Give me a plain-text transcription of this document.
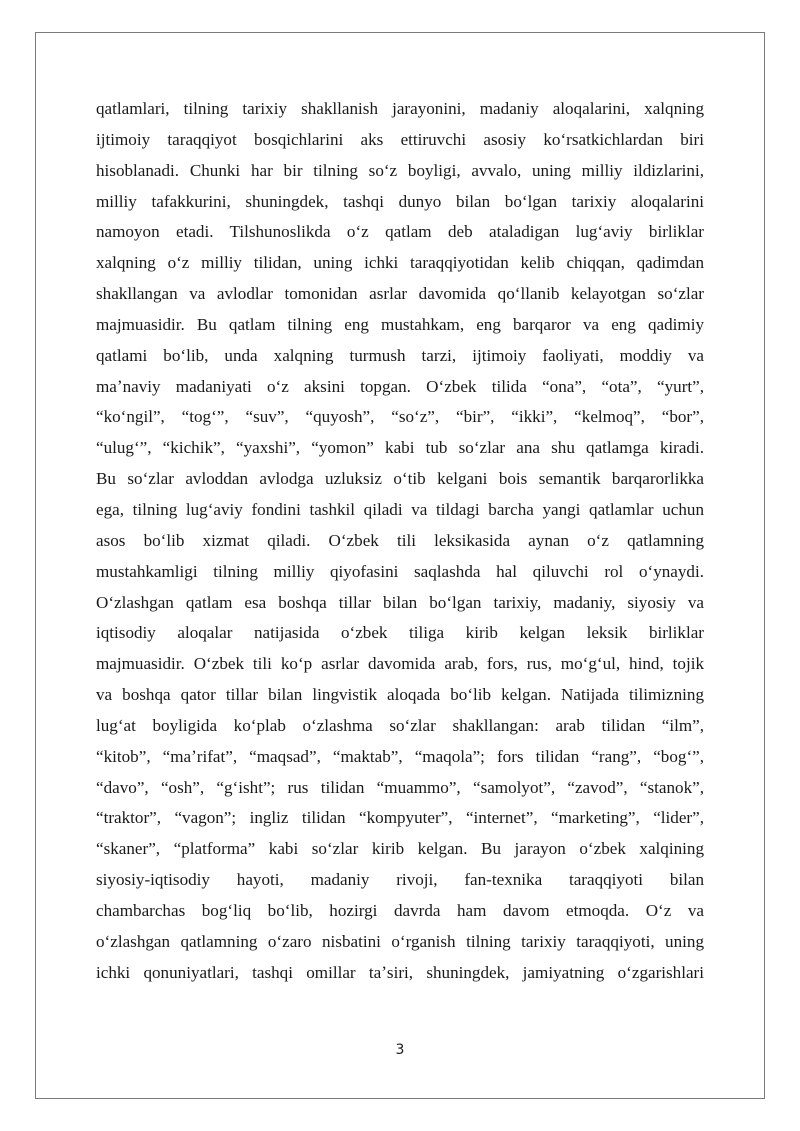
qatlamlari, tilning tarixiy shakllanish jarayonini, madaniy aloqalarini, xalqning
ijtimoiy taraqqiyot bosqichlarini aks ettiruvchi asosiy koʻrsatkichlardan biri
hisoblanadi. Chunki har bir tilning soʻz boyligi, avvalo, uning milliy ildizlarini,
milliy tafakkurini, shuningdek, tashqi dunyo bilan boʻlgan tarixiy aloqalarini
namoyon etadi. Tilshunoslikda oʻz qatlam deb ataladigan lugʻaviy birliklar
xalqning oʻz milliy tilidan, uning ichki taraqqiyotidan kelib chiqqan, qadimdan
shakllangan va avlodlar tomonidan asrlar davomida qoʻllanib kelayotgan soʻzlar
majmuasidir. Bu qatlam tilning eng mustahkam, eng barqaror va eng qadimiy
qatlami boʻlib, unda xalqning turmush tarzi, ijtimoiy faoliyati, moddiy va
maʼnaviy madaniyati oʻz aksini topgan. Oʻzbek tilida “ona”, “ota”, “yurt”,
“koʻngil”, “togʻ”, “suv”, “quyosh”, “soʻz”, “bir”, “ikki”, “kelmoq”, “bor”,
“ulugʻ”, “kichik”, “yaxshi”, “yomon” kabi tub soʻzlar ana shu qatlamga kiradi.
Bu soʻzlar avloddan avlodga uzluksiz oʻtib kelgani bois semantik barqarorlikka
ega, tilning lugʻaviy fondini tashkil qiladi va tildagi barcha yangi qatlamlar uchun
asos boʻlib xizmat qiladi. Oʻzbek tili leksikasida aynan oʻz qatlamning
mustahkamligi tilning milliy qiyofasini saqlashda hal qiluvchi rol oʻynaydi.
Oʻzlashgan qatlam esa boshqa tillar bilan boʻlgan tarixiy, madaniy, siyosiy va
iqtisodiy aloqalar natijasida oʻzbek tiliga kirib kelgan leksik birliklar
majmuasidir. Oʻzbek tili koʻp asrlar davomida arab, fors, rus, moʻgʻul, hind, tojik
va boshqa qator tillar bilan lingvistik aloqada boʻlib kelgan. Natijada tilimizning
lugʻat boyligida koʻplab oʻzlashma soʻzlar shakllangan: arab tilidan “ilm”,
“kitob”, “maʼrifat”, “maqsad”, “maktab”, “maqola”; fors tilidan “rang”, “bogʻ”,
“davo”, “osh”, “gʻisht”; rus tilidan “muammo”, “samolyot”, “zavod”, “stanok”,
“traktor”, “vagon”; ingliz tilidan “kompyuter”, “internet”, “marketing”, “lider”,
“skaner”, “platforma” kabi soʻzlar kirib kelgan. Bu jarayon oʻzbek xalqining
siyosiy-iqtisodiy hayoti, madaniy rivoji, fan-texnika taraqqiyoti bilan
chambarchas bogʻliq boʻlib, hozirgi davrda ham davom etmoqda. Oʻz va
oʻzlashgan qatlamning oʻzaro nisbatini oʻrganish tilning tarixiy taraqqiyoti, uning
ichki qonuniyatlari, tashqi omillar taʼsiri, shuningdek, jamiyatning oʻzgarishlari
3
